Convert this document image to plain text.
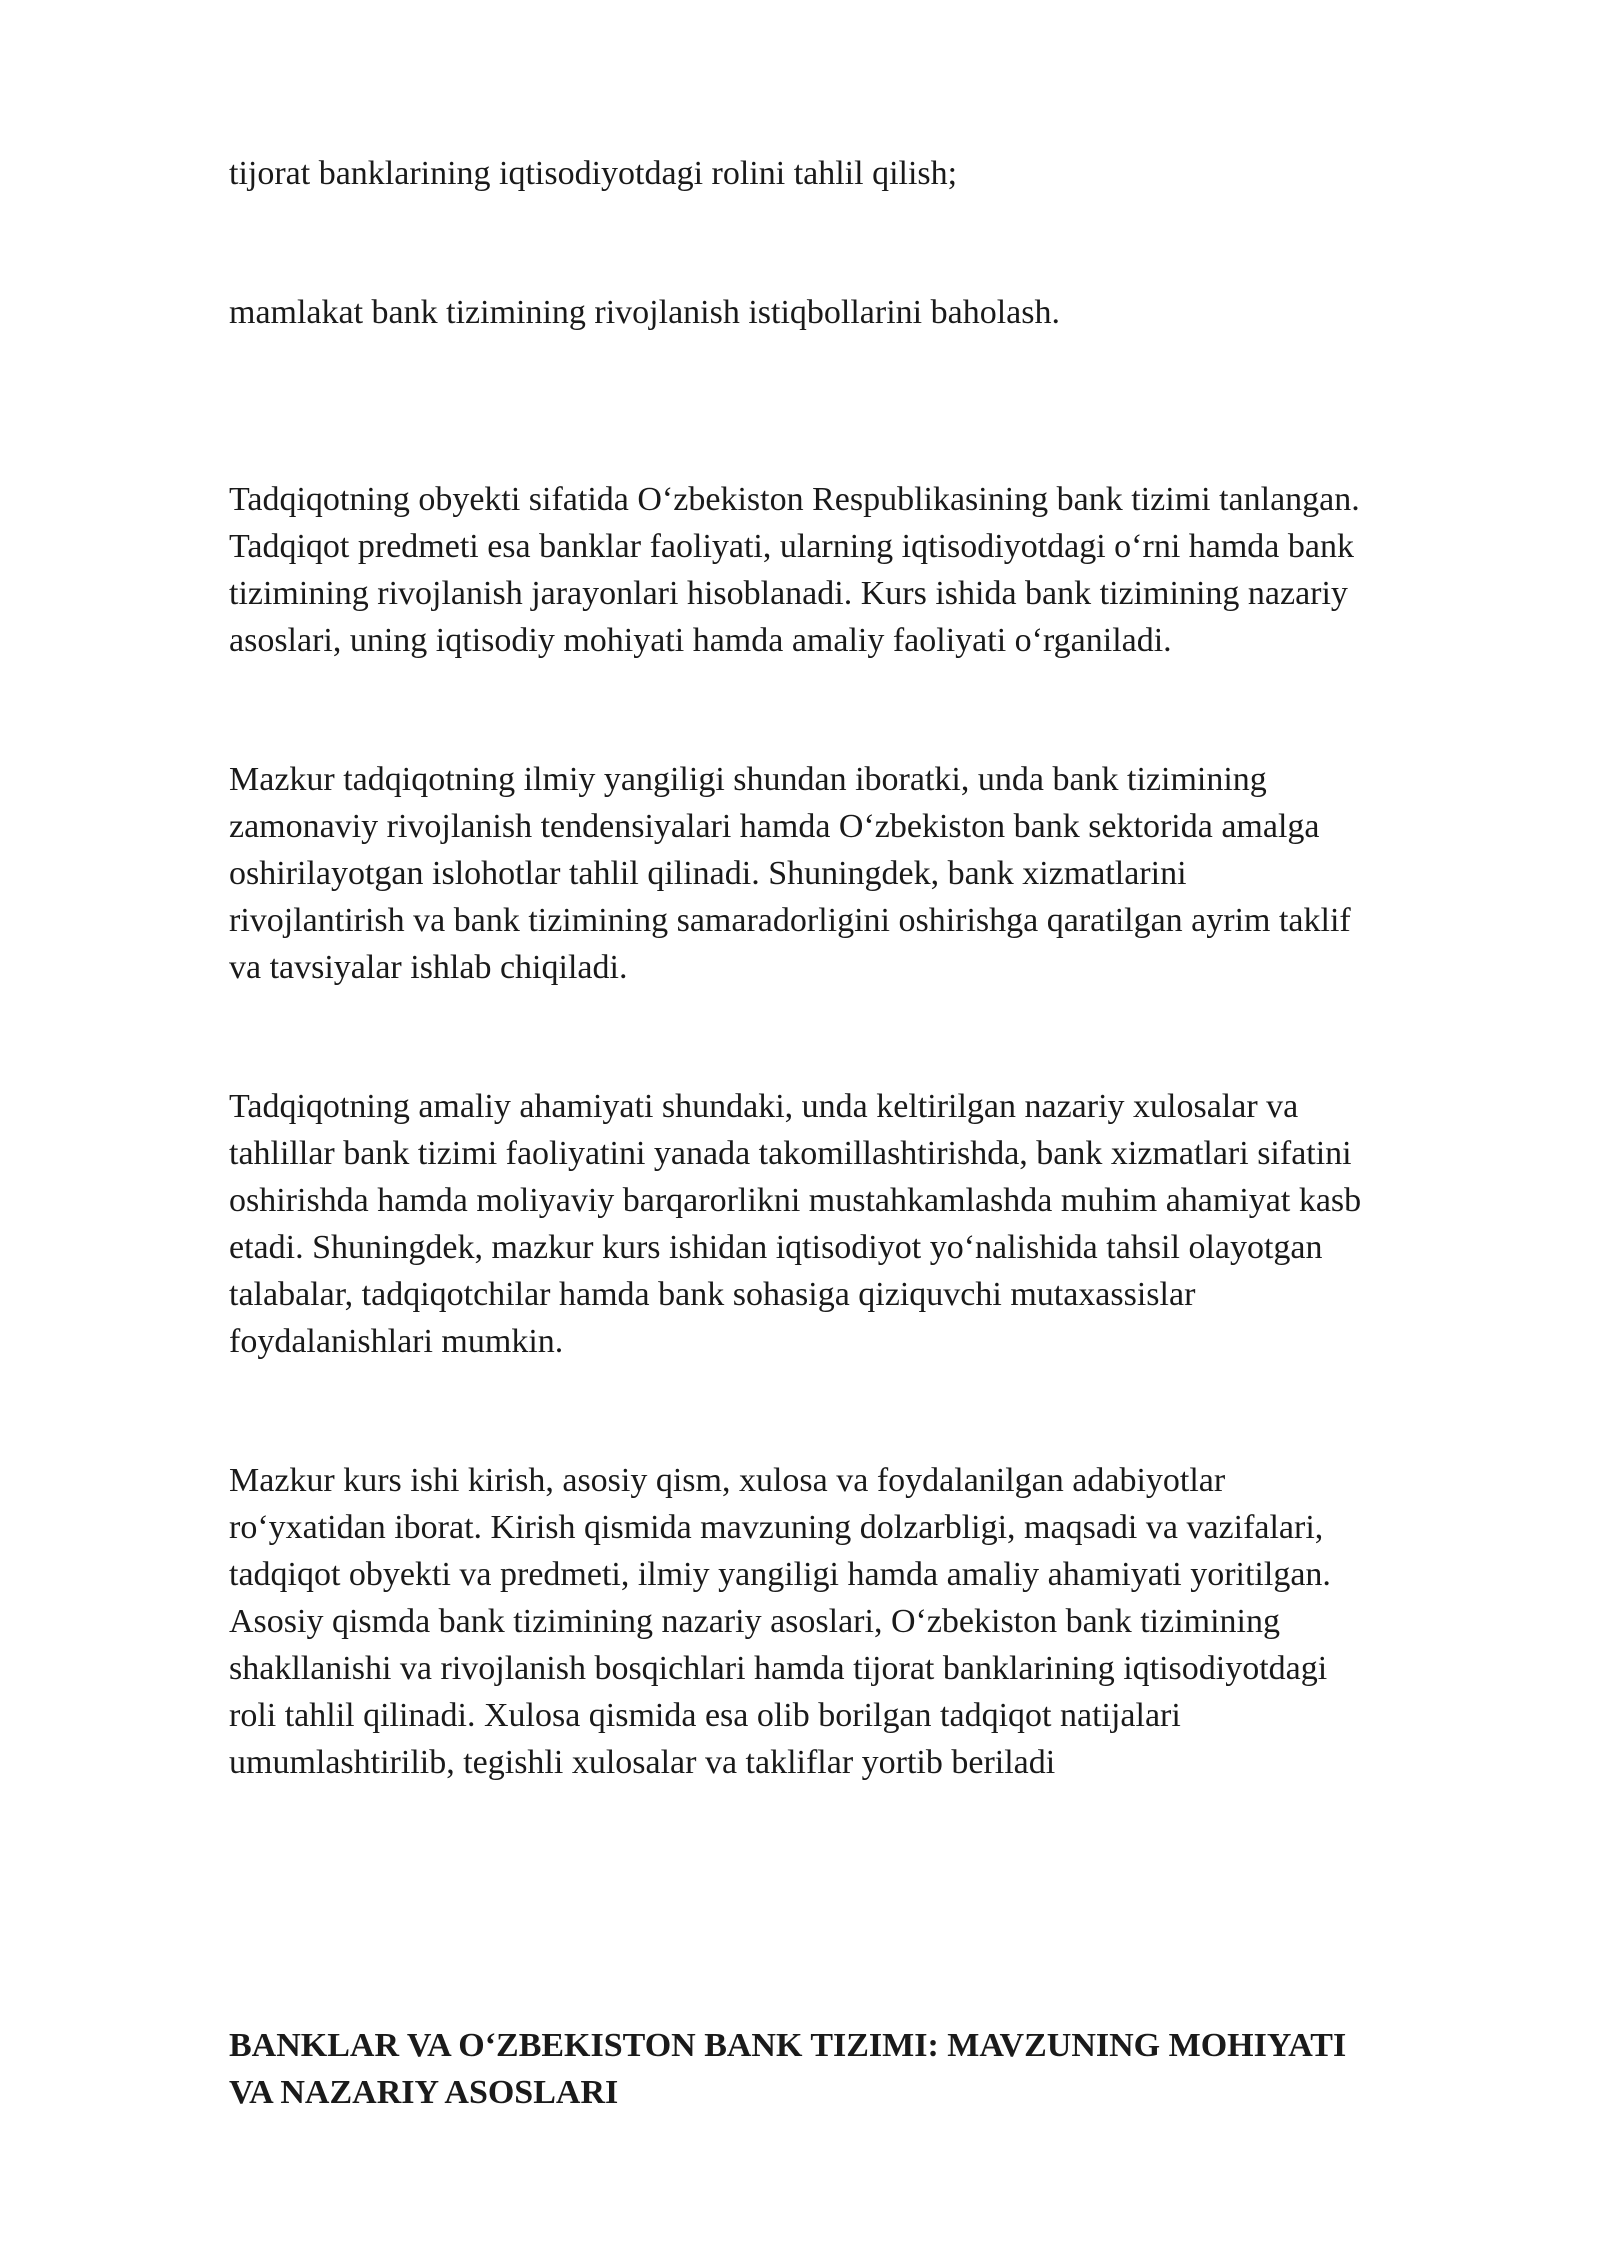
tijorat banklarining iqtisodiyotdagi rolini tahlil qilish;

mamlakat bank tizimining rivojlanish istiqbollarini baholash.

Tadqiqotning obyekti sifatida O‘zbekiston Respublikasining bank tizimi tanlangan.
Tadqiqot predmeti esa banklar faoliyati, ularning iqtisodiyotdagi o‘rni hamda bank
tizimining rivojlanish jarayonlari hisoblanadi. Kurs ishida bank tizimining nazariy
asoslari, uning iqtisodiy mohiyati hamda amaliy faoliyati o‘rganiladi.

Mazkur tadqiqotning ilmiy yangiligi shundan iboratki, unda bank tizimining
zamonaviy rivojlanish tendensiyalari hamda O‘zbekiston bank sektorida amalga
oshirilayotgan islohotlar tahlil qilinadi. Shuningdek, bank xizmatlarini
rivojlantirish va bank tizimining samaradorligini oshirishga qaratilgan ayrim taklif
va tavsiyalar ishlab chiqiladi.

Tadqiqotning amaliy ahamiyati shundaki, unda keltirilgan nazariy xulosalar va
tahlillar bank tizimi faoliyatini yanada takomillashtirishda, bank xizmatlari sifatini
oshirishda hamda moliyaviy barqarorlikni mustahkamlashda muhim ahamiyat kasb
etadi. Shuningdek, mazkur kurs ishidan iqtisodiyot yo‘nalishida tahsil olayotgan
talabalar, tadqiqotchilar hamda bank sohasiga qiziquvchi mutaxassislar
foydalanishlari mumkin.

Mazkur kurs ishi kirish, asosiy qism, xulosa va foydalanilgan adabiyotlar
ro‘yxatidan iborat. Kirish qismida mavzuning dolzarbligi, maqsadi va vazifalari,
tadqiqot obyekti va predmeti, ilmiy yangiligi hamda amaliy ahamiyati yoritilgan.
Asosiy qismda bank tizimining nazariy asoslari, O‘zbekiston bank tizimining
shakllanishi va rivojlanish bosqichlari hamda tijorat banklarining iqtisodiyotdagi
roli tahlil qilinadi. Xulosa qismida esa olib borilgan tadqiqot natijalari
umumlashtirilib, tegishli xulosalar va takliflar yortib beriladi

BANKLAR VA O‘ZBEKISTON BANK TIZIMI: MAVZUNING MOHIYATI
VA NAZARIY ASOSLARI
